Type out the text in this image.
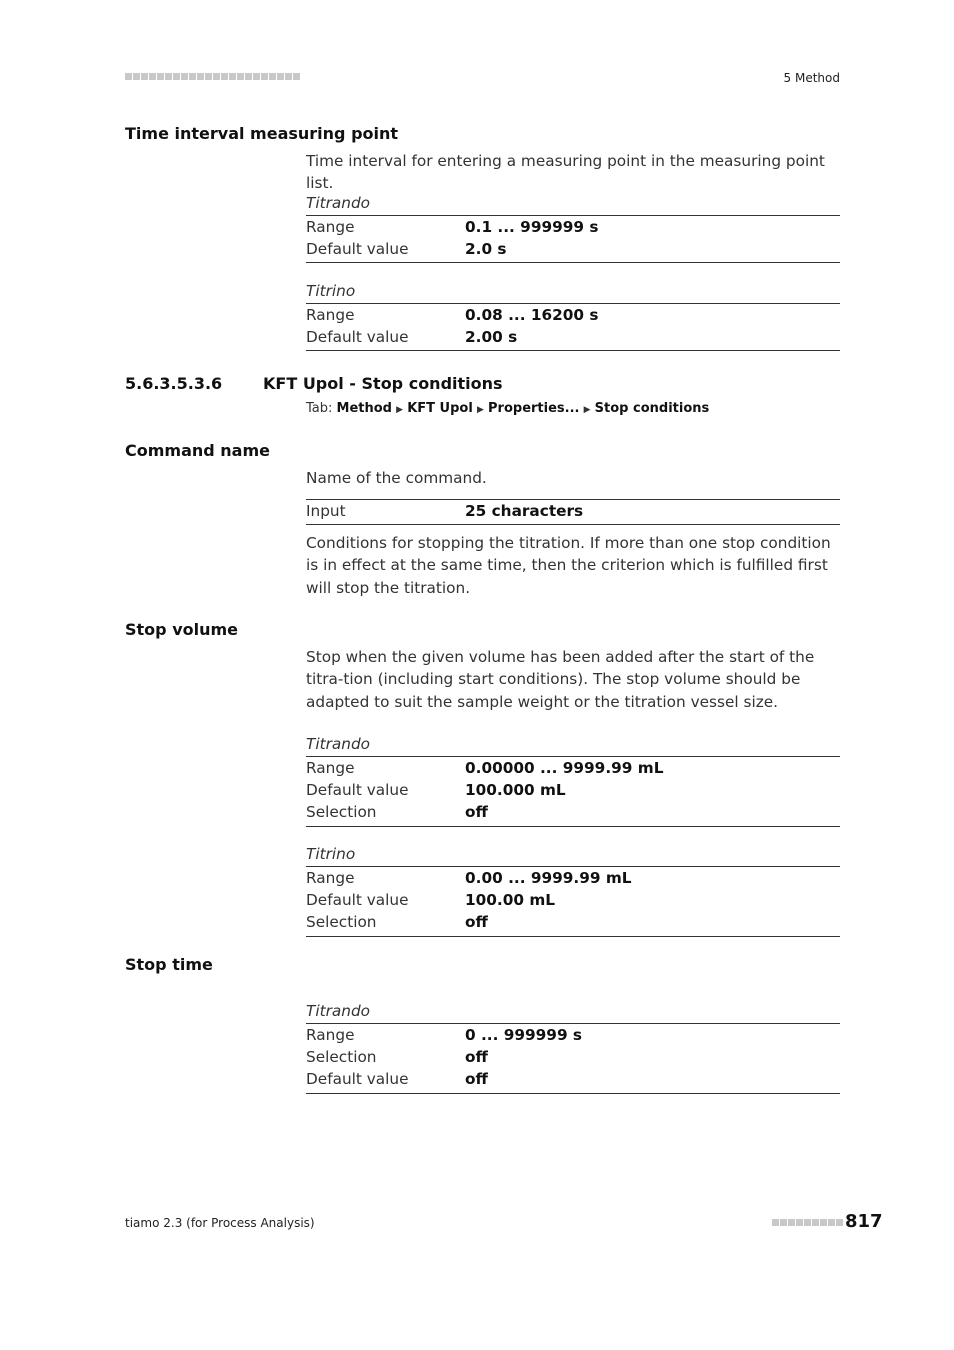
5 Method
Time interval measuring point
Time interval for entering a measuring point in the measuring point list.
Titrando
Range	0.1 ... 999999 s
Default value	2.0 s
Titrino
Range	0.08 ... 16200 s
Default value	2.00 s
5.6.3.5.3.6	KFT Upol - Stop conditions
Tab: Method ▶ KFT Upol ▶ Properties... ▶ Stop conditions
Command name
Name of the command.
Input	25 characters
Conditions for stopping the titration. If more than one stop condition is in effect at the same time, then the criterion which is fulfilled first will stop the titration.
Stop volume
Stop when the given volume has been added after the start of the titra-tion (including start conditions). The stop volume should be adapted to suit the sample weight or the titration vessel size.
Titrando
Range	0.00000 ... 9999.99 mL
Default value	100.000 mL
Selection	off
Titrino
Range	0.00 ... 9999.99 mL
Default value	100.00 mL
Selection	off
Stop time
Titrando
Range	0 ... 999999 s
Selection	off
Default value	off
tiamo 2.3 (for Process Analysis)	817
